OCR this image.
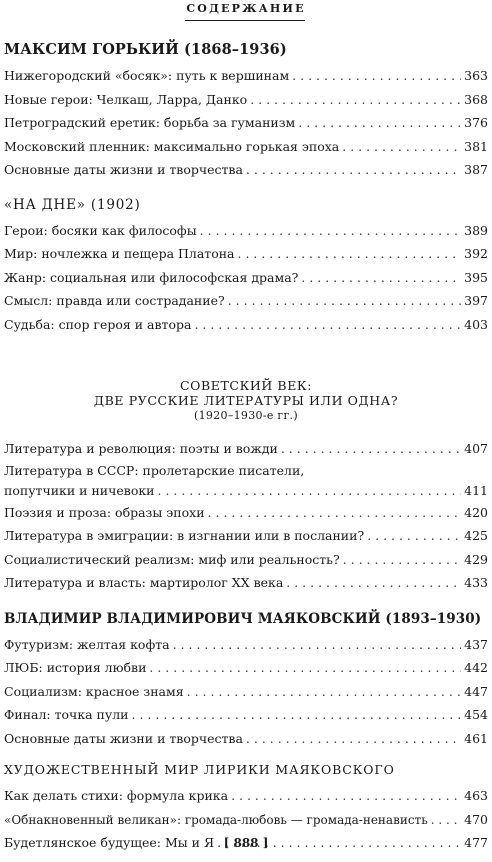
СОДЕРЖАНИЕ
МАКСИМ ГОРЬКИЙ (1868–1936)
Нижегородский «босяк»: путь к вершинам . . .	363
Новые герои: Челкаш, Ларра, Данко . . .	368
Петроградский еретик: борьба за гуманизм . . .	376
Московский пленник: максимально горькая эпоха . . .	381
Основные даты жизни и творчества . . .	387
«НА ДНЕ» (1902)
Герои: босяки как философы . . .	389
Мир: ночлежка и пещера Платона . . .	392
Жанр: социальная или философская драма? . . .	395
Смысл: правда или сострадание? . . .	397
Судьба: спор героя и автора . . .	403
СОВЕТСКИЙ ВЕК:
ДВЕ РУССКИЕ ЛИТЕРАТУРЫ ИЛИ ОДНА?
(1920–1930-е гг.)
Литература и революция: поэты и вожди . . .	407
Литература в СССР: пролетарские писатели,
попутчики и ничевоки . . .	411
Поэзия и проза: образы эпохи . . .	420
Литература в эмиграции: в изгнании или в послании? . . .	425
Социалистический реализм: миф или реальность? . . .	429
Литература и власть: мартиролог XX века . . .	433
ВЛАДИМИР ВЛАДИМИРОВИЧ МАЯКОВСКИЙ (1893–1930)
Футуризм: желтая кофта . . .	437
ЛЮБ: история любви . . .	442
Социализм: красное знамя . . .	447
Финал: точка пули . . .	454
Основные даты жизни и творчества . . .	461
ХУДОЖЕСТВЕННЫЙ МИР ЛИРИКИ МАЯКОВСКОГО
Как делать стихи: формула крика . . .	463
«Обнакновенный великан»: громада-любовь — громада-ненависть . . .	470
Будетлянское будущее: Мы и Я . . .	477
[ 888 ]
